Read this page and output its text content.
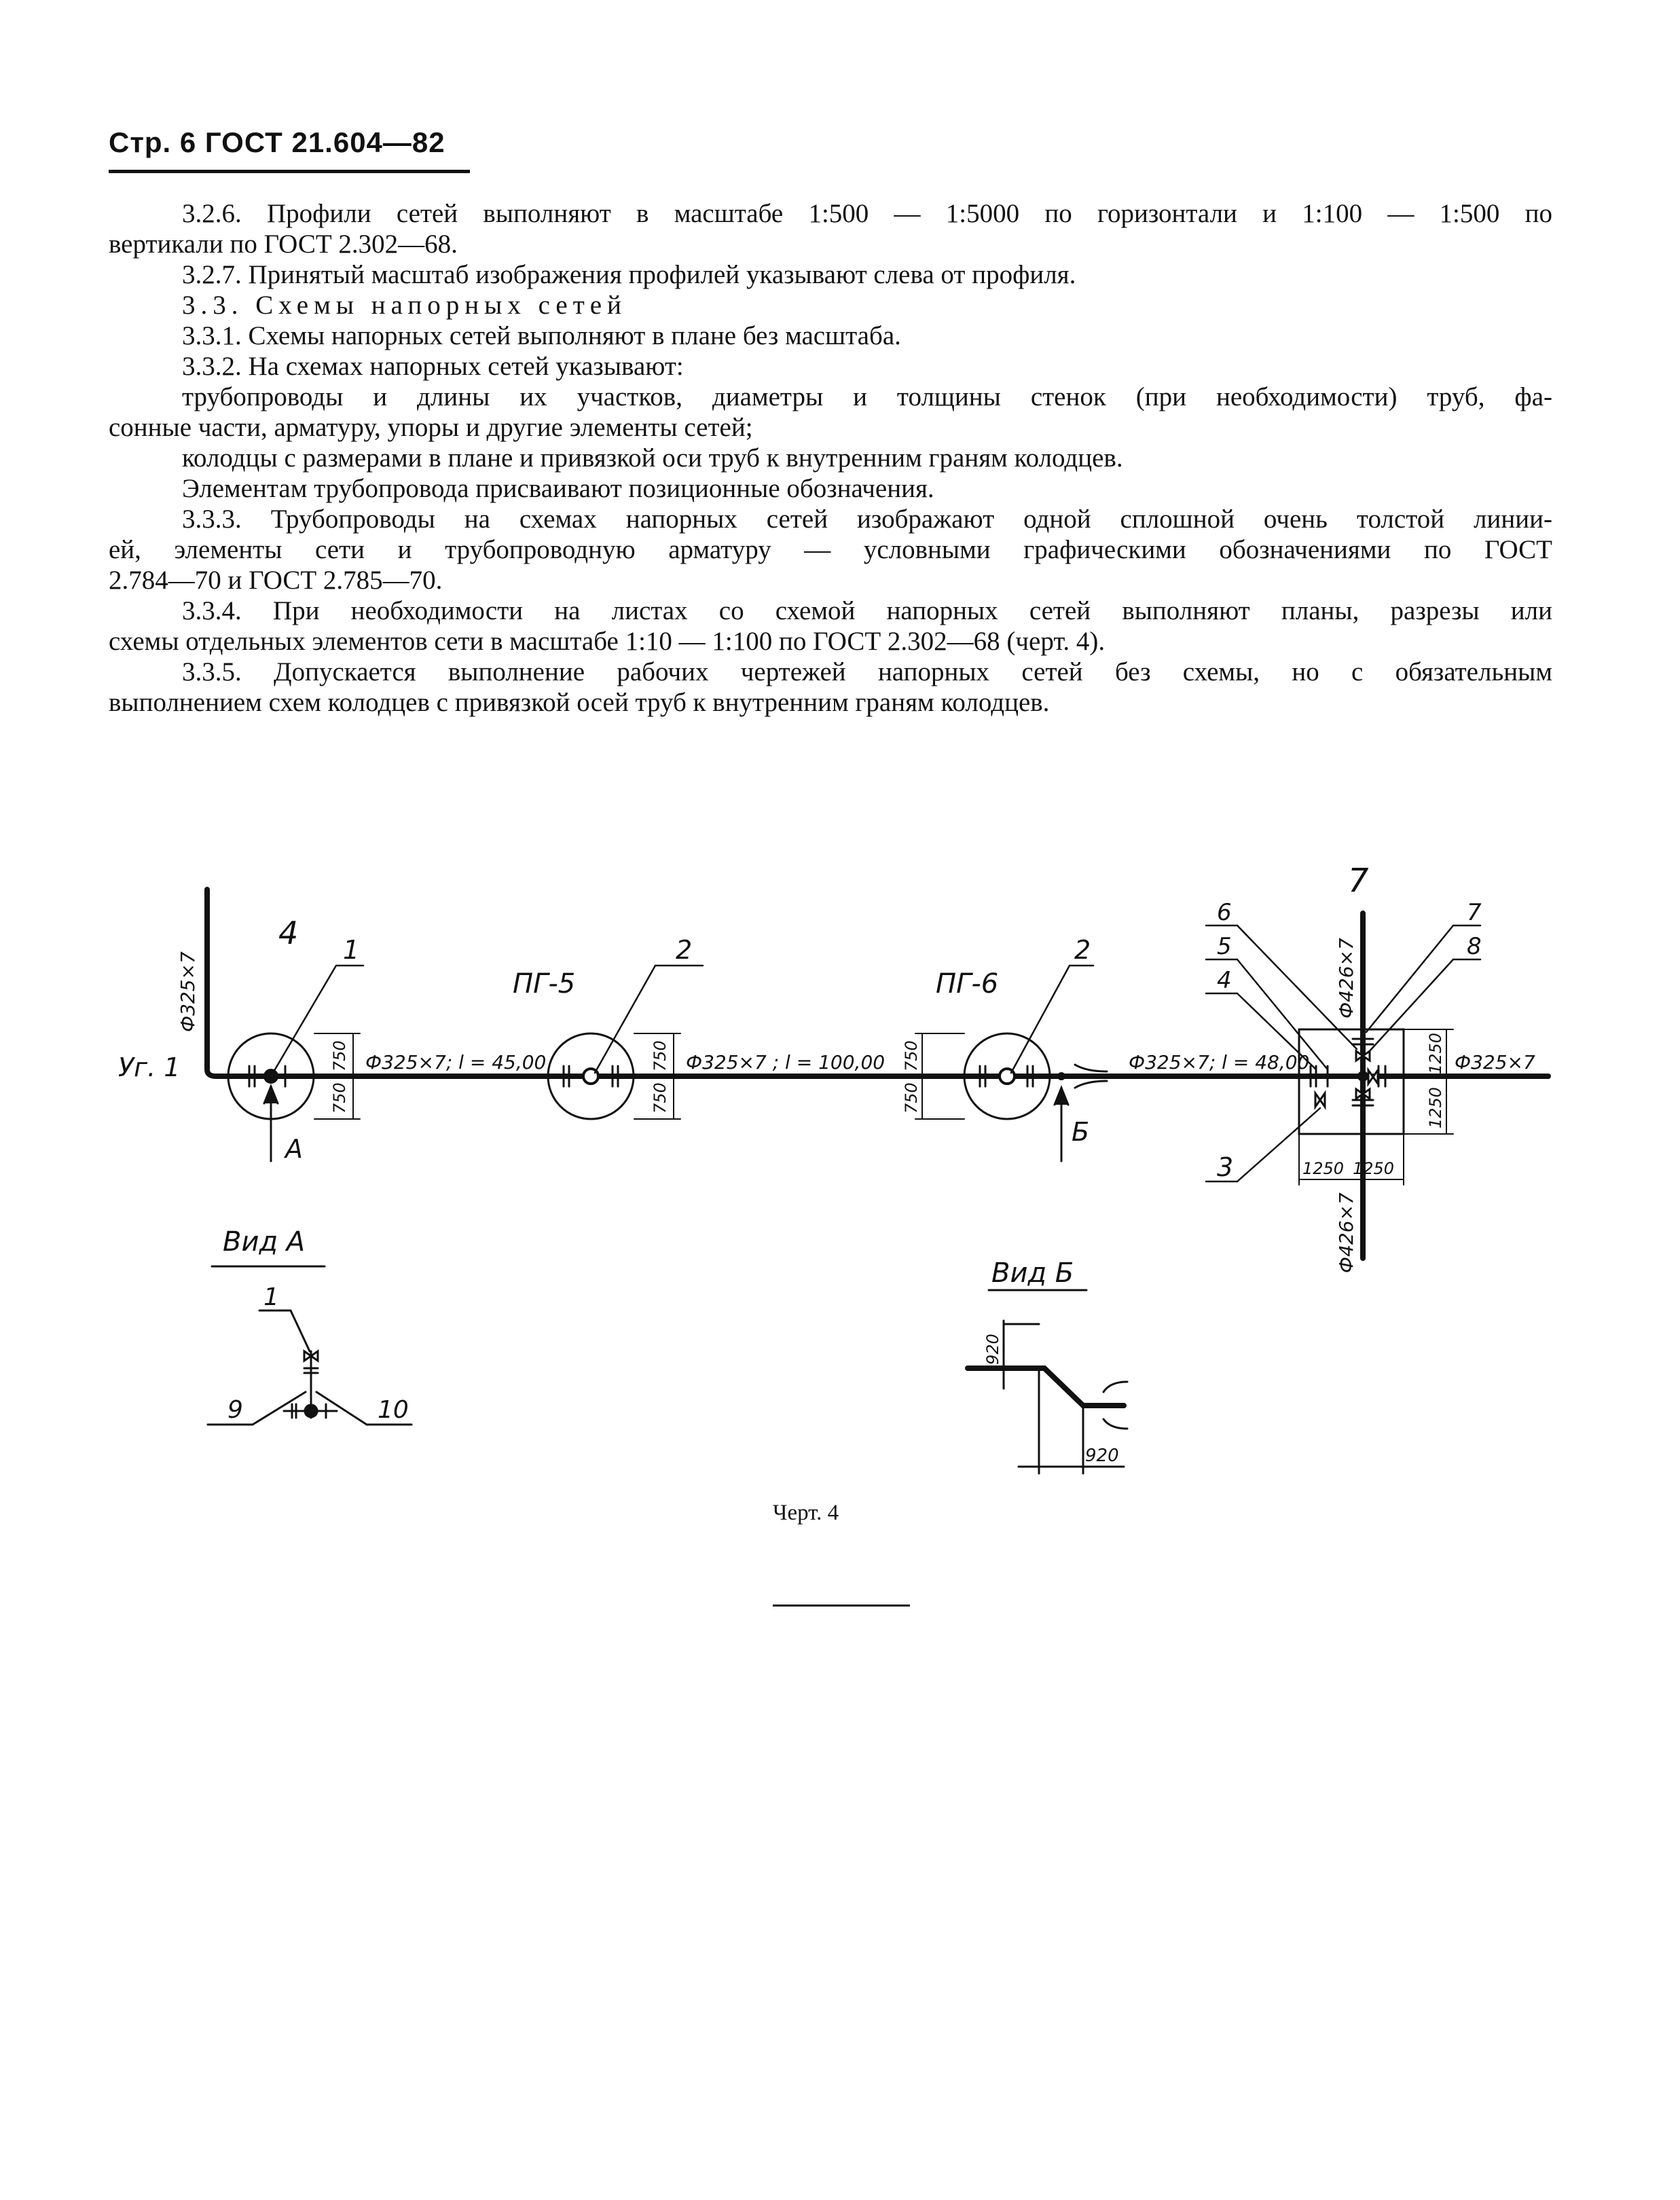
Стр. 6 ГОСТ 21.604—82

3.2.6. Профили сетей выполняют в масштабе 1:500 — 1:5000 по горизонтали и 1:100 — 1:500 по

вертикали по ГОСТ 2.302—68.

3.2.7. Принятый масштаб изображения профилей указывают слева от профиля.

3.3. Схемы напорных сетей

3.3.1. Схемы напорных сетей выполняют в плане без масштаба.

3.3.2. На схемах напорных сетей указывают:

трубопроводы и длины их участков, диаметры и толщины стенок (при необходимости) труб, фа-

сонные части, арматуру, упоры и другие элементы сетей;

колодцы с размерами в плане и привязкой оси труб к внутренним граням колодцев.

Элементам трубопровода присваивают позиционные обозначения.

3.3.3. Трубопроводы на схемах напорных сетей изображают одной сплошной очень толстой линии-

ей, элементы сети и трубопроводную арматуру — условными графическими обозначениями по ГОСТ

2.784—70 и ГОСТ 2.785—70.

3.3.4. При необходимости на листах со схемой напорных сетей выполняют планы, разрезы или

схемы отдельных элементов сети в масштабе 1:10 — 1:100 по ГОСТ 2.302—68 (черт. 4).

3.3.5. Допускается выполнение рабочих чертежей напорных сетей без схемы, но с обязательным

выполнением схем колодцев с привязкой осей труб к внутренним граням колодцев.

Уг. 1
4
ПГ-5	ПГ-6
7
Ф325×7
Ф325×7; l = 45,00	Ф325×7 ; l = 100,00	Ф325×7; l = 48,00	Ф325×7
Ф426×7
Ф426×7
750
750
750
750
750
750
1250
1250
1250 1250
920
920
1	2	2
6
5
4
7
8
3
А
Б
Вид А
1
9	10
Вид Б
Черт. 4
